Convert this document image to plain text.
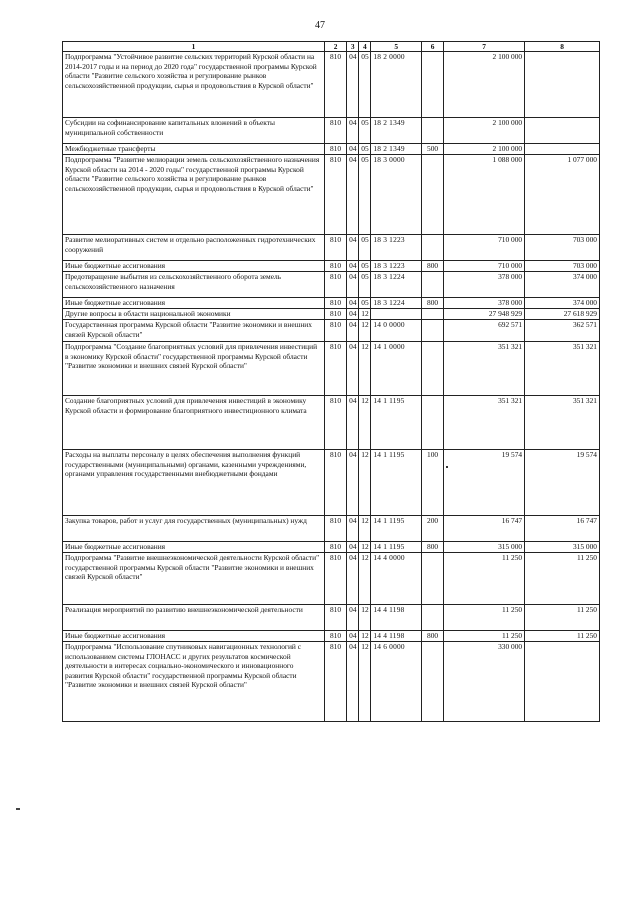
47
1	2	3	4	5	6	7	8
Подпрограмма "Устойчивое развитие сельских территорий Курской области на 2014-2017 годы и на период до 2020 года" государственной программы Курской области "Развитие сельского хозяйства и регулирование рынков сельскохозяйственной продукции, сырья и продовольствия в Курской области"	810	04	05	18 2 0000		2 100 000	
Субсидии на софинансирование капитальных вложений в объекты муниципальной собственности	810	04	05	18 2 1349		2 100 000	
Межбюджетные трансферты	810	04	05	18 2 1349	500	2 100 000	
Подпрограмма "Развитие мелиорации земель сельскохозяйственного назначения Курской области на 2014 - 2020 годы" государственной программы Курской области "Развитие сельского хозяйства и регулирование рынков сельскохозяйственной продукции, сырья и продовольствия в Курской области"	810	04	05	18 3 0000		1 088 000	1 077 000
Развитие мелиоративных систем и отдельно расположенных гидротехнических сооружений	810	04	05	18 3 1223		710 000	703 000
Иные бюджетные ассигнования	810	04	05	18 3 1223	800	710 000	703 000
Предотвращение выбытия из сельскохозяйственного оборота земель сельскохозяйственного назначения	810	04	05	18 3 1224		378 000	374 000
Иные бюджетные ассигнования	810	04	05	18 3 1224	800	378 000	374 000
Другие вопросы в области национальной экономики	810	04	12			27 948 929	27 618 929
Государственная программа Курской области "Развитие экономики и внешних связей Курской области"	810	04	12	14 0 0000		692 571	362 571
Подпрограмма "Создание благоприятных условий для привлечения инвестиций в экономику Курской области" государственной программы Курской области "Развитие экономики и внешних связей Курской области"	810	04	12	14 1 0000		351 321	351 321
Создание благоприятных условий для привлечения инвестиций в экономику Курской области и формирование благоприятного инвестиционного климата	810	04	12	14 1 1195		351 321	351 321
Расходы на выплаты персоналу в целях обеспечения выполнения функций государственными (муниципальными) органами, казенными учреждениями, органами управления государственными внебюджетными фондами	810	04	12	14 1 1195	100	19 574	19 574
Закупка товаров, работ и услуг для государственных (муниципальных) нужд	810	04	12	14 1 1195	200	16 747	16 747
Иные бюджетные ассигнования	810	04	12	14 1 1195	800	315 000	315 000
Подпрограмма "Развитие внешнеэкономической деятельности Курской области" государственной программы Курской области "Развитие экономики и внешних связей Курской области"	810	04	12	14 4 0000		11 250	11 250
Реализация мероприятий по развитию внешнеэкономической деятельности	810	04	12	14 4 1198		11 250	11 250
Иные бюджетные ассигнования	810	04	12	14 4 1198	800	11 250	11 250
Подпрограмма "Использование спутниковых навигационных технологий с использованием системы ГЛОНАСС и других результатов космической деятельности в интересах социально-экономического и инновационного развития Курской области" государственной программы Курской области "Развитие экономики и внешних связей Курской области"	810	04	12	14 6 0000		330 000	
